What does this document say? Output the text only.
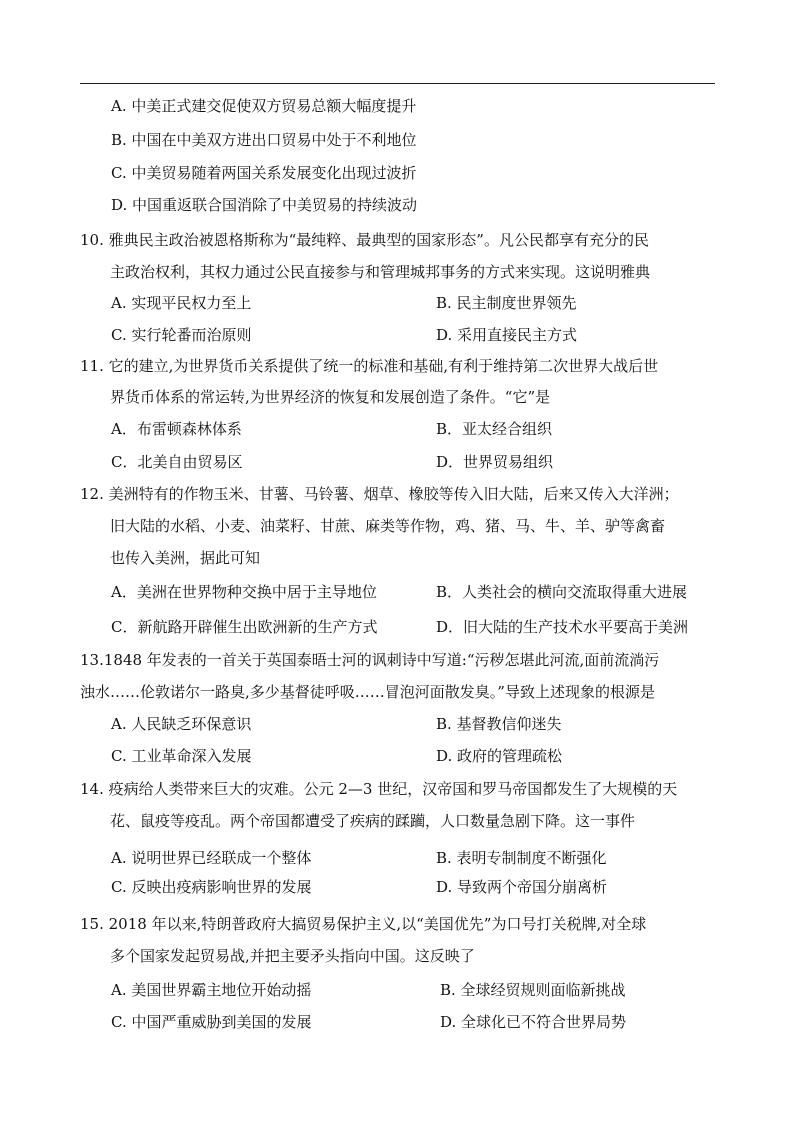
A. 中美正式建交促使双方贸易总额大幅度提升
B. 中国在中美双方进出口贸易中处于不利地位
C. 中美贸易随着两国关系发展变化出现过波折
D. 中国重返联合国消除了中美贸易的持续波动
10. 雅典民主政治被恩格斯称为“最纯粹、最典型的国家形态”。凡公民都享有充分的民
主政治权利，其权力通过公民直接参与和管理城邦事务的方式来实现。这说明雅典
A. 实现平民权力至上	B. 民主制度世界领先
C. 实行轮番而治原则	D. 采用直接民主方式
11. 它的建立,为世界货币关系提供了统一的标准和基础,有利于维持第二次世界大战后世
界货币体系的常运转,为世界经济的恢复和发展创造了条件。“它”是
A．布雷顿森林体系	B．亚太经合组织
C．北美自由贸易区	D．世界贸易组织
12. 美洲特有的作物玉米、甘薯、马铃薯、烟草、橡胶等传入旧大陆，后来又传入大洋洲；
旧大陆的水稻、小麦、油菜籽、甘蔗、麻类等作物，鸡、猪、马、牛、羊、驴等禽畜
也传入美洲，据此可知
A．美洲在世界物种交换中居于主导地位	B．人类社会的横向交流取得重大进展
C．新航路开辟催生出欧洲新的生产方式	D．旧大陆的生产技术水平要高于美洲
13.1848 年发表的一首关于英国泰晤士河的讽刺诗中写道:“污秽怎堪此河流,面前流淌污
浊水……伦敦诺尔一路臭,多少基督徒呼吸……冒泡河面散发臭。”导致上述现象的根源是
A. 人民缺乏环保意识	B. 基督教信仰迷失
C. 工业革命深入发展	D. 政府的管理疏松
14. 疫病给人类带来巨大的灾难。公元 2—3 世纪，汉帝国和罗马帝国都发生了大规模的天
花、鼠疫等疫乱。两个帝国都遭受了疾病的蹂躏，人口数量急剧下降。这一事件
A. 说明世界已经联成一个整体	B. 表明专制制度不断强化
C. 反映出疫病影响世界的发展	D. 导致两个帝国分崩离析
15. 2018 年以来,特朗普政府大搞贸易保护主义,以“美国优先”为口号打关税牌,对全球
多个国家发起贸易战,并把主要矛头指向中国。这反映了
A. 美国世界霸主地位开始动摇	B. 全球经贸规则面临新挑战
C. 中国严重威胁到美国的发展	D. 全球化已不符合世界局势
